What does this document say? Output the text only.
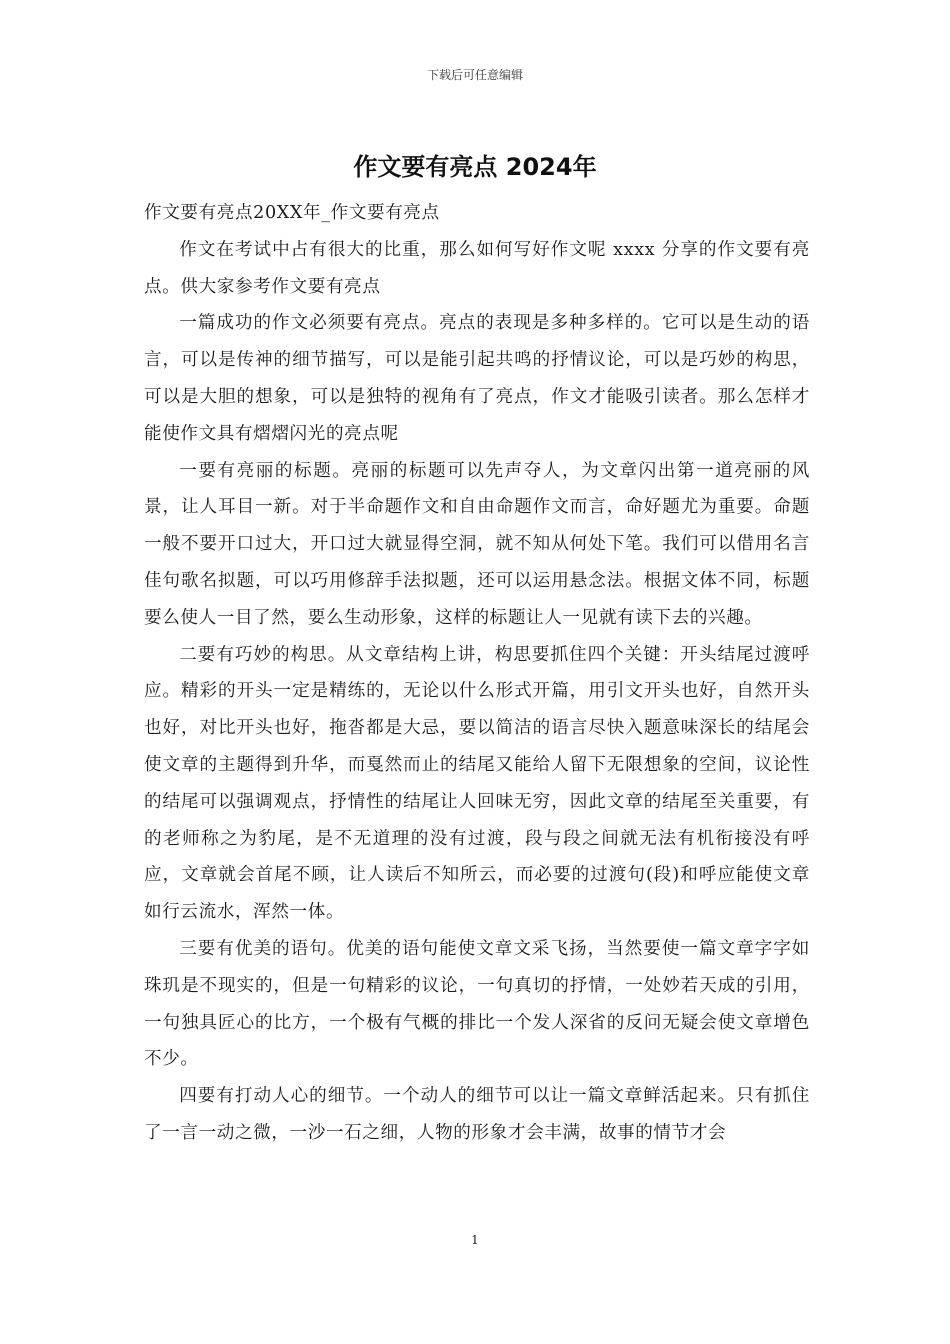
下载后可任意编辑
作文要有亮点 2024年

作文要有亮点20XX年_作文要有亮点

作文在考试中占有很大的比重，那么如何写好作文呢 xxxx 分享的作文要有亮点。供大家参考作文要有亮点

一篇成功的作文必须要有亮点。亮点的表现是多种多样的。它可以是生动的语言，可以是传神的细节描写，可以是能引起共鸣的抒情议论，可以是巧妙的构思，可以是大胆的想象，可以是独特的视角有了亮点，作文才能吸引读者。那么怎样才能使作文具有熠熠闪光的亮点呢

一要有亮丽的标题。亮丽的标题可以先声夺人，为文章闪出第一道亮丽的风景，让人耳目一新。对于半命题作文和自由命题作文而言，命好题尤为重要。命题一般不要开口过大，开口过大就显得空洞，就不知从何处下笔。我们可以借用名言佳句歌名拟题，可以巧用修辞手法拟题，还可以运用悬念法。根据文体不同，标题要么使人一目了然，要么生动形象，这样的标题让人一见就有读下去的兴趣。

二要有巧妙的构思。从文章结构上讲，构思要抓住四个关键：开头结尾过渡呼应。精彩的开头一定是精练的，无论以什么形式开篇，用引文开头也好，自然开头也好，对比开头也好，拖沓都是大忌，要以简洁的语言尽快入题意味深长的结尾会使文章的主题得到升华，而戛然而止的结尾又能给人留下无限想象的空间，议论性的结尾可以强调观点，抒情性的结尾让人回味无穷，因此文章的结尾至关重要，有的老师称之为豹尾，是不无道理的没有过渡，段与段之间就无法有机衔接没有呼应，文章就会首尾不顾，让人读后不知所云，而必要的过渡句(段)和呼应能使文章如行云流水，浑然一体。

三要有优美的语句。优美的语句能使文章文采飞扬，当然要使一篇文章字字如珠玑是不现实的，但是一句精彩的议论，一句真切的抒情，一处妙若天成的引用，一句独具匠心的比方，一个极有气概的排比一个发人深省的反问无疑会使文章增色不少。

四要有打动人心的细节。一个动人的细节可以让一篇文章鲜活起来。只有抓住了一言一动之微，一沙一石之细，人物的形象才会丰满，故事的情节才会

1
